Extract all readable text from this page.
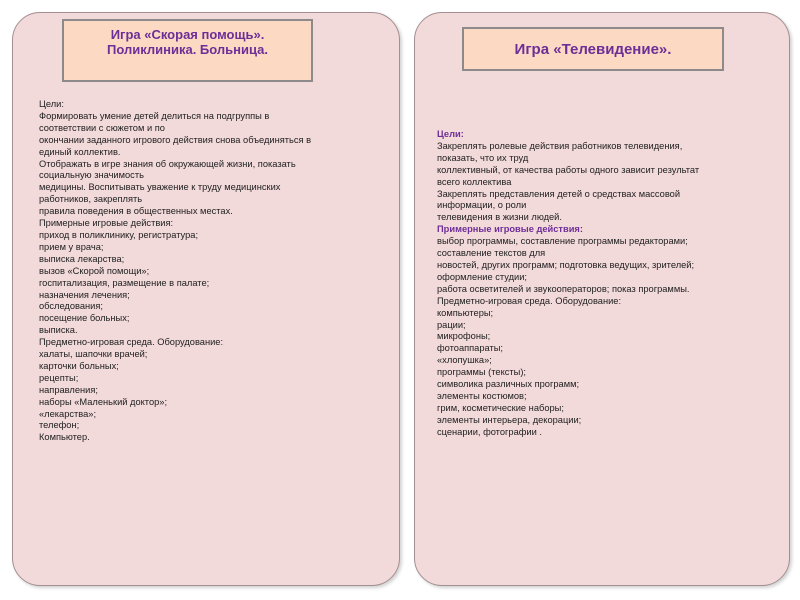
Игра «Скорая помощь».
Поликлиника. Больница.
Цели:
Формировать умение детей делиться на подгруппы в
соответствии с сюжетом и по
окончании заданного игрового действия снова объединяться в
единый коллектив.
Отображать в игре знания об окружающей жизни, показать
социальную значимость
медицины. Воспитывать уважение к труду медицинских
работников, закреплять
правила поведения в общественных местах.
Примерные игровые действия:
приход в поликлинику, регистратура;
прием у врача;
выписка лекарства;
вызов «Скорой помощи»;
госпитализация, размещение в палате;
назначения лечения;
обследования;
посещение больных;
выписка.
Предметно-игровая среда. Оборудование:
халаты, шапочки врачей;
карточки больных;
рецепты;
направления;
наборы «Маленький доктор»;
«лекарства»;
телефон;
Компьютер.
Игра «Телевидение».
Цели:
Закреплять ролевые действия работников телевидения,
показать, что их труд
коллективный, от качества работы одного зависит результат
всего коллектива
Закреплять представления детей о средствах массовой
информации, о роли
телевидения в жизни людей.
Примерные игровые действия:
выбор программы, составление программы редакторами;
составление текстов для
новостей, других программ; подготовка ведущих, зрителей;
оформление студии;
работа осветителей и звукооператоров; показ программы.
Предметно-игровая среда. Оборудование:
компьютеры;
рации;
микрофоны;
фотоаппараты;
«хлопушка»;
программы (тексты);
символика различных программ;
элементы костюмов;
грим, косметические наборы;
элементы интерьера, декорации;
сценарии, фотографии .
